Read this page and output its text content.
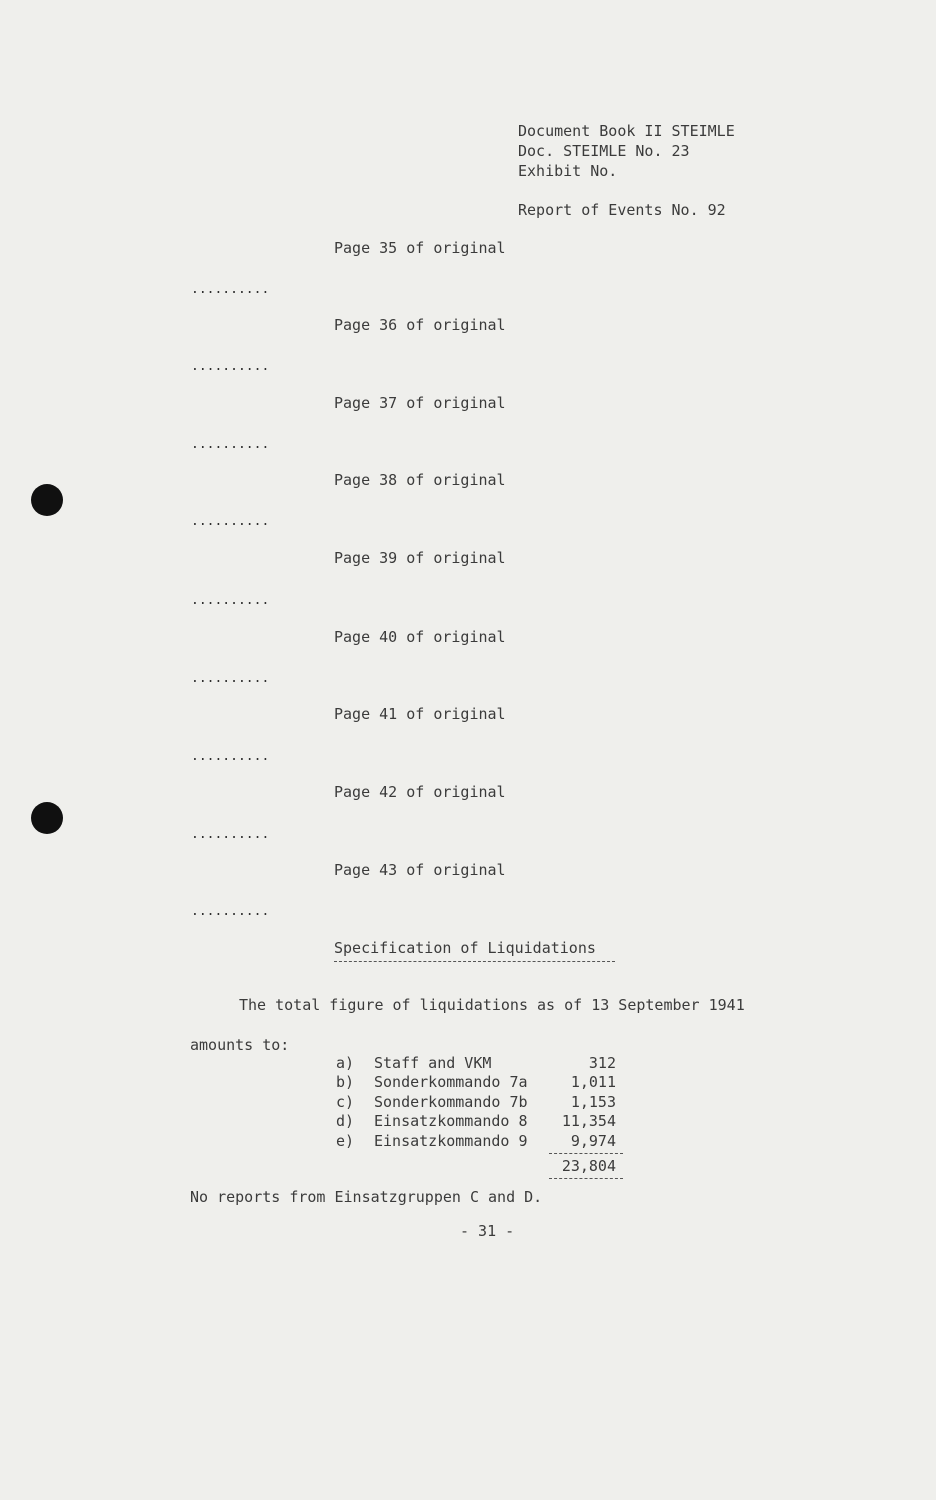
Document Book II STEIMLE
Doc. STEIMLE No. 23
Exhibit No.
Report of Events No. 92
Page 35 of original
..........
Page 36 of original
..........
Page 37 of original
..........
Page 38 of original
..........
Page 39 of original
..........
Page 40 of original
..........
Page 41 of original
..........
Page 42 of original
..........
Page 43 of original
..........
Specification of Liquidations
The total figure of liquidations as of 13 September 1941
amounts to:
a) Staff and VKM	312
b) Sonderkommando 7a	1,011
c) Sonderkommando 7b	1,153
d) Einsatzkommando 8 11,354
e) Einsatzkommando 9	9,974
23,804
No reports from Einsatzgruppen C and D.
- 31 -
